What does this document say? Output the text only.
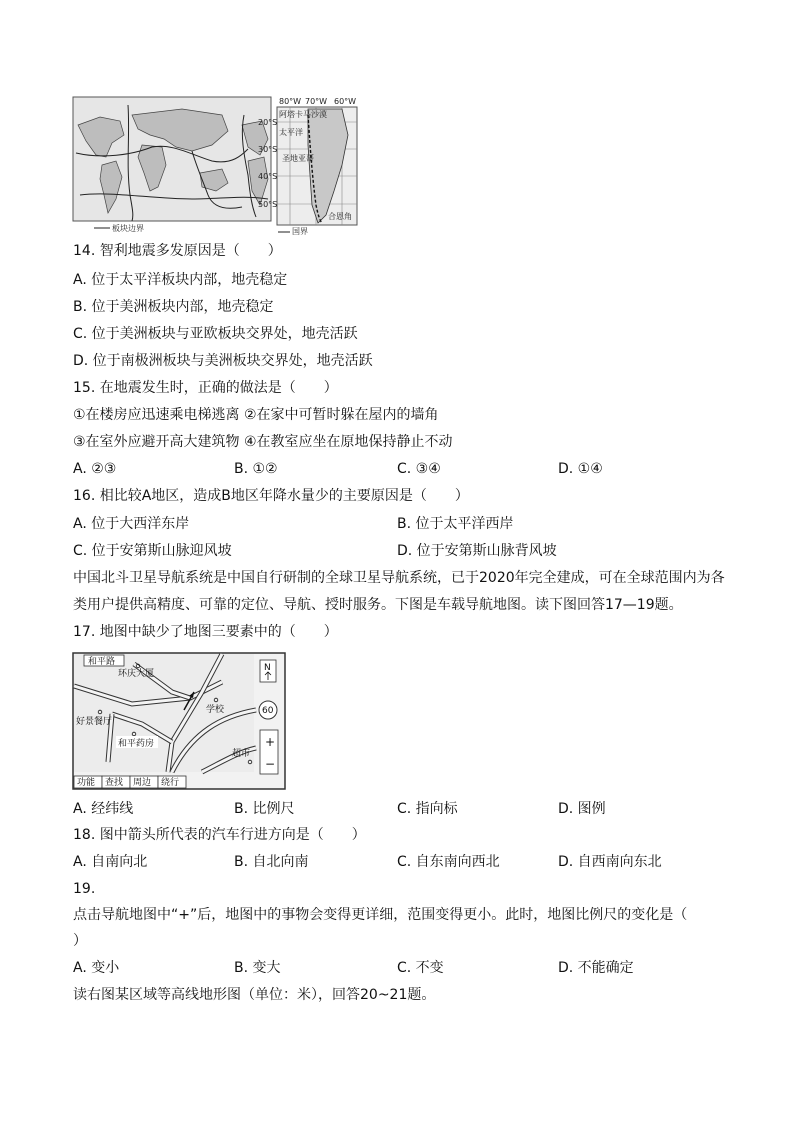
板块边界
80°W 70°W 60°W
20°S
30°S
40°S
50°S
阿塔卡马沙漠
太平洋
圣地亚哥
合恩角
国界
14. 智利地震多发原因是（　　）
A. 位于太平洋板块内部，地壳稳定
B. 位于美洲板块内部，地壳稳定
C. 位于美洲板块与亚欧板块交界处，地壳活跃
D. 位于南极洲板块与美洲板块交界处，地壳活跃
15. 在地震发生时，正确的做法是（　　）
①在楼房应迅速乘电梯逃离 ②在家中可暂时躲在屋内的墙角
③在室外应避开高大建筑物 ④在教室应坐在原地保持静止不动
A. ②③	B. ①②	C. ③④	D. ①④
16. 相比较A地区，造成B地区年降水量少的主要原因是（　　）
A. 位于大西洋东岸	B. 位于太平洋西岸
C. 位于安第斯山脉迎风坡	D. 位于安第斯山脉背风坡
中国北斗卫星导航系统是中国自行研制的全球卫星导航系统，已于2020年完全建成，可在全球范围内为各
类用户提供高精度、可靠的定位、导航、授时服务。下图是车载导航地图。读下图回答17—19题。
17. 地图中缺少了地图三要素中的（　　）
和平路
环庆大厦
学校
好景餐厅
和平药房
超市
N
60
+
−
功能 查找 周边 绕行
A. 经纬线	B. 比例尺	C. 指向标	D. 图例
18. 图中箭头所代表的汽车行进方向是（　　）
A. 自南向北	B. 自北向南	C. 自东南向西北	D. 自西南向东北
19.
点击导航地图中“+”后，地图中的事物会变得更详细，范围变得更小。此时，地图比例尺的变化是（
）
A. 变小	B. 变大	C. 不变	D. 不能确定
读右图某区域等高线地形图（单位：米），回答20~21题。
